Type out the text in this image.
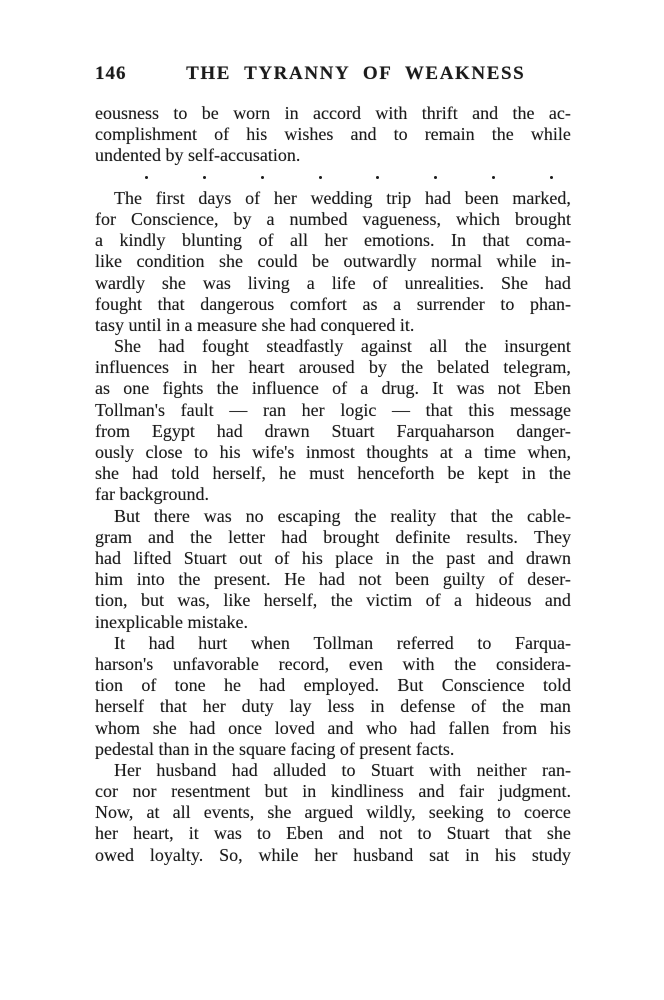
146	THE TYRANNY OF WEAKNESS
eousness to be worn in accord with thrift and the ac-
complishment of his wishes and to remain the while
undented by self-accusation.
The first days of her wedding trip had been marked,
for Conscience, by a numbed vagueness, which brought
a kindly blunting of all her emotions. In that coma-
like condition she could be outwardly normal while in-
wardly she was living a life of unrealities. She had
fought that dangerous comfort as a surrender to phan-
tasy until in a measure she had conquered it.
She had fought steadfastly against all the insurgent
influences in her heart aroused by the belated telegram,
as one fights the influence of a drug. It was not Eben
Tollman's fault — ran her logic — that this message
from Egypt had drawn Stuart Farquaharson danger-
ously close to his wife's inmost thoughts at a time when,
she had told herself, he must henceforth be kept in the
far background.
But there was no escaping the reality that the cable-
gram and the letter had brought definite results. They
had lifted Stuart out of his place in the past and drawn
him into the present. He had not been guilty of deser-
tion, but was, like herself, the victim of a hideous and
inexplicable mistake.
It had hurt when Tollman referred to Farqua-
harson's unfavorable record, even with the considera-
tion of tone he had employed. But Conscience told
herself that her duty lay less in defense of the man
whom she had once loved and who had fallen from his
pedestal than in the square facing of present facts.
Her husband had alluded to Stuart with neither ran-
cor nor resentment but in kindliness and fair judgment.
Now, at all events, she argued wildly, seeking to coerce
her heart, it was to Eben and not to Stuart that she
owed loyalty. So, while her husband sat in his study
